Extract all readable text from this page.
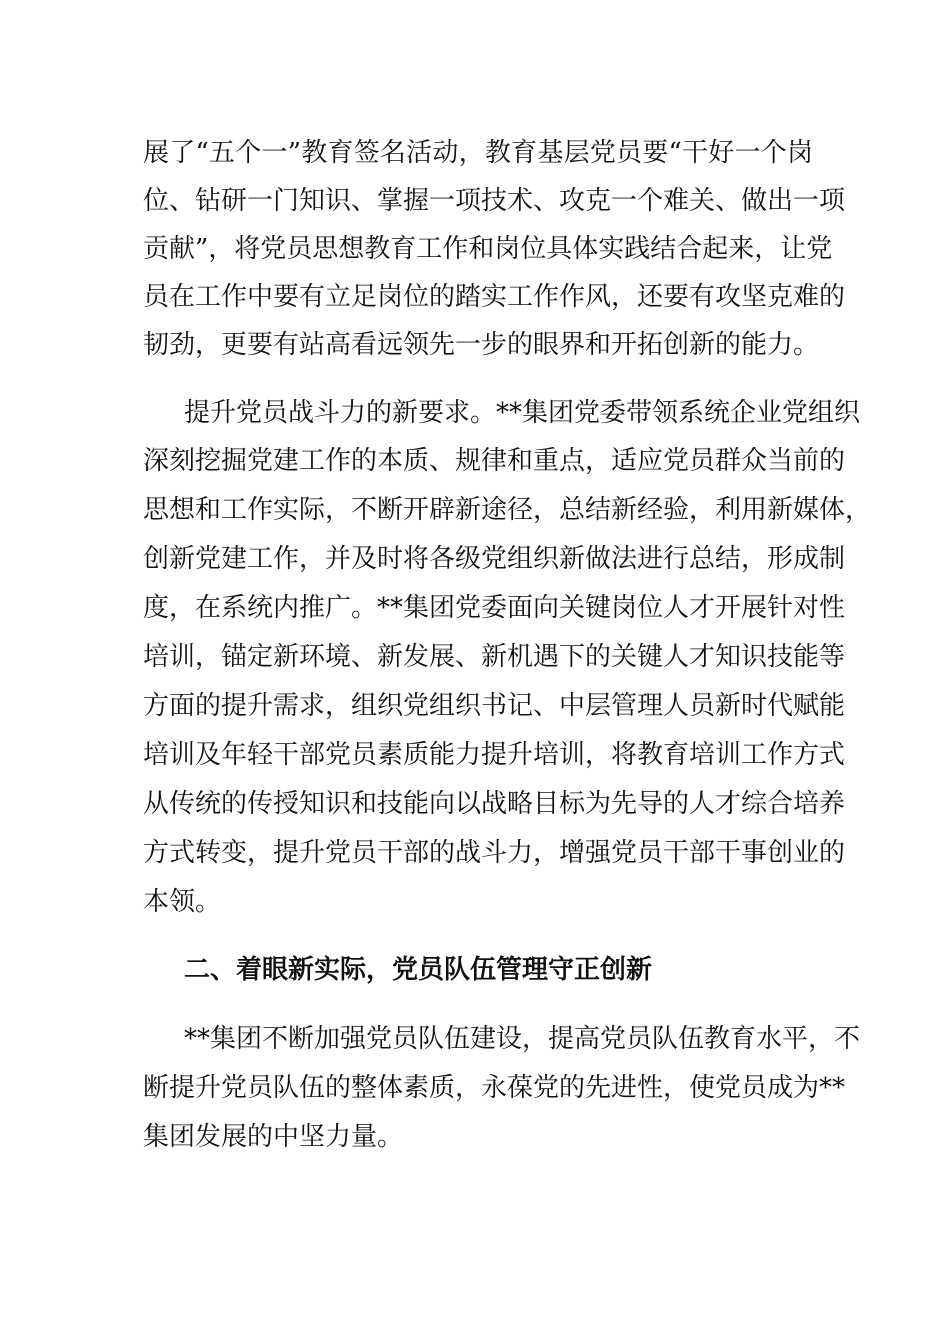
展了“五个一”教育签名活动，教育基层党员要“干好一个岗
位、钻研一门知识、掌握一项技术、攻克一个难关、做出一项
贡献”，将党员思想教育工作和岗位具体实践结合起来，让党
员在工作中要有立足岗位的踏实工作作风，还要有攻坚克难的
韧劲，更要有站高看远领先一步的眼界和开拓创新的能力。
提升党员战斗力的新要求。**集团党委带领系统企业党组织
深刻挖掘党建工作的本质、规律和重点，适应党员群众当前的
思想和工作实际，不断开辟新途径，总结新经验，利用新媒体，
创新党建工作，并及时将各级党组织新做法进行总结，形成制
度，在系统内推广。**集团党委面向关键岗位人才开展针对性
培训，锚定新环境、新发展、新机遇下的关键人才知识技能等
方面的提升需求，组织党组织书记、中层管理人员新时代赋能
培训及年轻干部党员素质能力提升培训，将教育培训工作方式
从传统的传授知识和技能向以战略目标为先导的人才综合培养
方式转变，提升党员干部的战斗力，增强党员干部干事创业的
本领。
二、着眼新实际，党员队伍管理守正创新
**集团不断加强党员队伍建设，提高党员队伍教育水平，不
断提升党员队伍的整体素质，永葆党的先进性，使党员成为**
集团发展的中坚力量。
